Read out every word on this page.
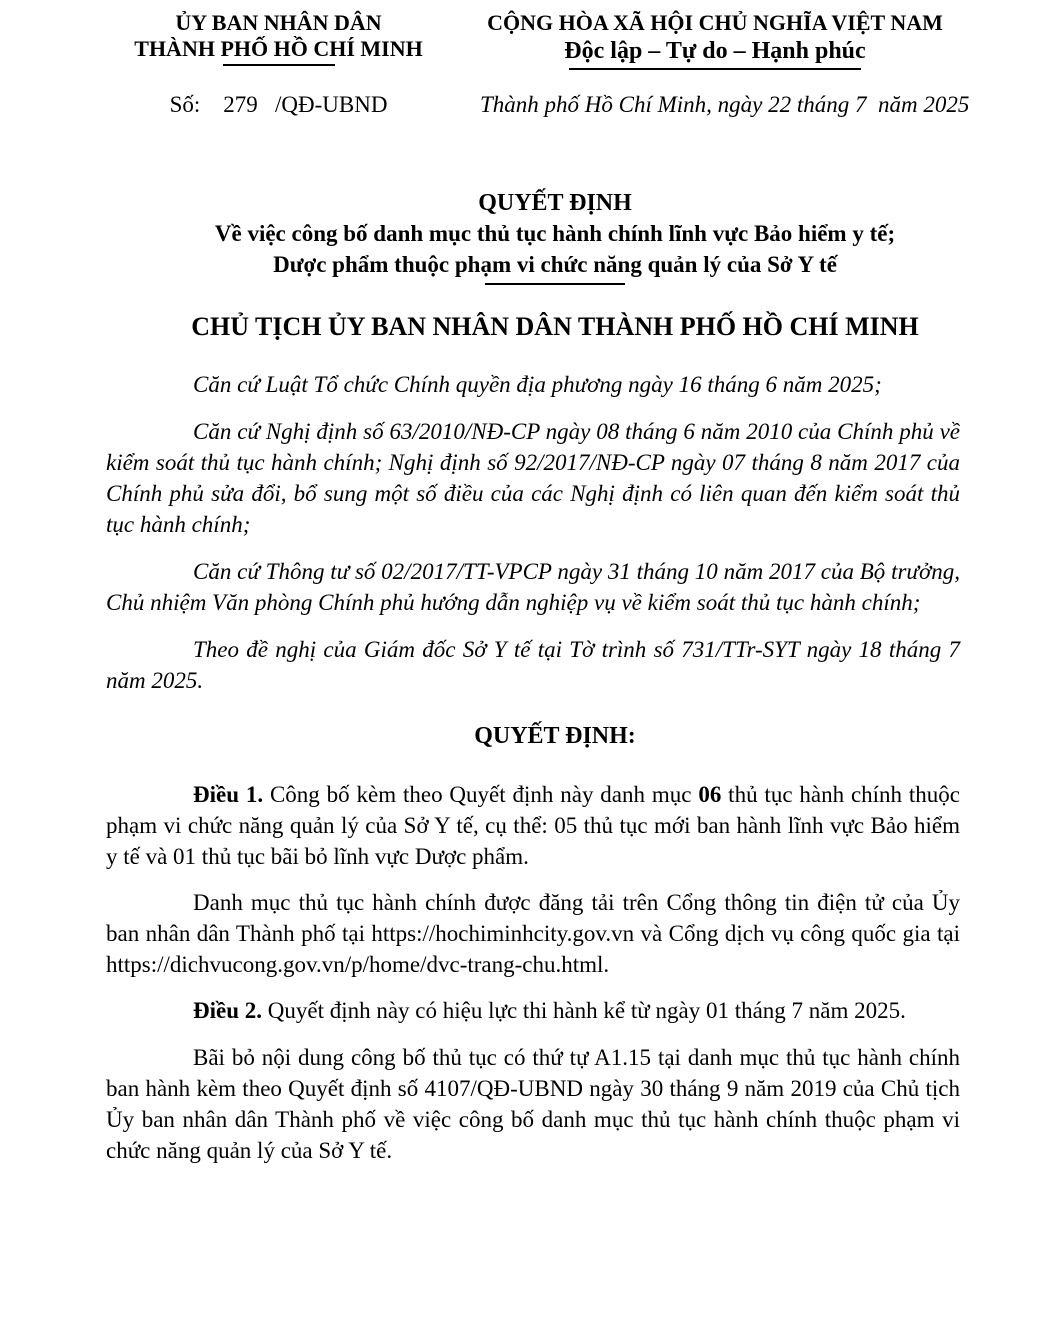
ỦY BAN NHÂN DÂN
THÀNH PHỐ HỒ CHÍ MINH
CỘNG HÒA XÃ HỘI CHỦ NGHĨA VIỆT NAM
Độc lập – Tự do – Hạnh phúc
Số:    279   /QĐ-UBND	Thành phố Hồ Chí Minh, ngày 22 tháng 7  năm 2025
QUYẾT ĐỊNH
Về việc công bố danh mục thủ tục hành chính lĩnh vực Bảo hiểm y tế;
Dược phẩm thuộc phạm vi chức năng quản lý của Sở Y tế
CHỦ TỊCH ỦY BAN NHÂN DÂN THÀNH PHỐ HỒ CHÍ MINH

Căn cứ Luật Tổ chức Chính quyền địa phương ngày 16 tháng 6 năm 2025;

Căn cứ Nghị định số 63/2010/NĐ-CP ngày 08 tháng 6 năm 2010 của Chính phủ về kiểm soát thủ tục hành chính; Nghị định số 92/2017/NĐ-CP ngày 07 tháng 8 năm 2017 của Chính phủ sửa đổi, bổ sung một số điều của các Nghị định có liên quan đến kiểm soát thủ tục hành chính;

Căn cứ Thông tư số 02/2017/TT-VPCP ngày 31 tháng 10 năm 2017 của Bộ trưởng, Chủ nhiệm Văn phòng Chính phủ hướng dẫn nghiệp vụ về kiểm soát thủ tục hành chính;

Theo đề nghị của Giám đốc Sở Y tế tại Tờ trình số 731/TTr-SYT ngày 18 tháng 7 năm 2025.

QUYẾT ĐỊNH:

Điều 1. Công bố kèm theo Quyết định này danh mục 06 thủ tục hành chính thuộc phạm vi chức năng quản lý của Sở Y tế, cụ thể: 05 thủ tục mới ban hành lĩnh vực Bảo hiểm y tế và 01 thủ tục bãi bỏ lĩnh vực Dược phẩm.

Danh mục thủ tục hành chính được đăng tải trên Cổng thông tin điện tử của Ủy ban nhân dân Thành phố tại https://hochiminhcity.gov.vn và Cổng dịch vụ công quốc gia tại https://dichvucong.gov.vn/p/home/dvc-trang-chu.html.

Điều 2. Quyết định này có hiệu lực thi hành kể từ ngày 01 tháng 7 năm 2025.

Bãi bỏ nội dung công bố thủ tục có thứ tự A1.15 tại danh mục thủ tục hành chính ban hành kèm theo Quyết định số 4107/QĐ-UBND ngày 30 tháng 9 năm 2019 của Chủ tịch Ủy ban nhân dân Thành phố về việc công bố danh mục thủ tục hành chính thuộc phạm vi chức năng quản lý của Sở Y tế.
